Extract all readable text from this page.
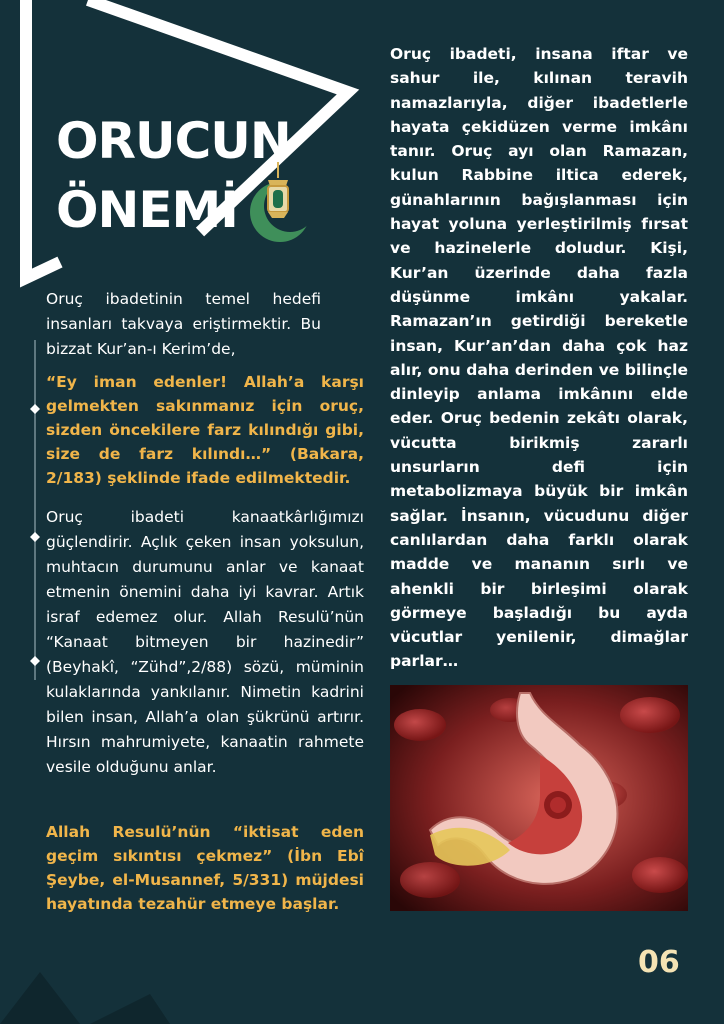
ORUCUN
ÖNEMİ

Oruç ibadetinin temel hedefi insanları takvaya eriştirmektir. Bu bizzat Kur’an-ı Kerim’de,

“Ey iman edenler! Allah’a karşı gelmekten sakınmanız için oruç, sizden öncekilere farz kılındığı gibi, size de farz kılındı…” (Bakara, 2/183) şeklinde ifade edilmektedir.

Oruç ibadeti kanaatkârlığımızı güçlendirir. Açlık çeken insan yoksulun, muhtacın durumunu anlar ve kanaat etmenin önemini daha iyi kavrar. Artık israf edemez olur. Allah Resulü’nün “Kanaat bitmeyen bir hazinedir” (Beyhakî, “Zühd”,2/88) sözü, müminin kulaklarında yankılanır. Nimetin kadrini bilen insan, Allah’a olan şükrünü artırır. Hırsın mahrumiyete, kanaatin rahmete vesile olduğunu anlar.

Allah Resulü’nün “iktisat eden geçim sıkıntısı çekmez” (İbn Ebî Şeybe, el-Musannef, 5/331) müjdesi hayatında tezahür etmeye başlar.

Oruç ibadeti, insana iftar ve sahur ile, kılınan teravih namazlarıyla, diğer ibadetlerle hayata çekidüzen verme imkânı tanır. Oruç ayı olan Ramazan, kulun Rabbine iltica ederek, günahlarının bağışlanması için hayat yoluna yerleştirilmiş fırsat ve hazinelerle doludur. Kişi, Kur’an üzerinde daha fazla düşünme imkânı yakalar. Ramazan’ın getirdiği bereketle insan, Kur’an’dan daha çok haz alır, onu daha derinden ve bilinçle dinleyip anlama imkânını elde eder. Oruç bedenin zekâtı olarak, vücutta birikmiş zararlı unsurların defi için metabolizmaya büyük bir imkân sağlar. İnsanın, vücudunu diğer canlılardan daha farklı olarak madde ve mananın sırlı ve ahenkli bir birleşimi olarak görmeye başladığı bu ayda vücutlar yenilenir, dimağlar parlar…

06
